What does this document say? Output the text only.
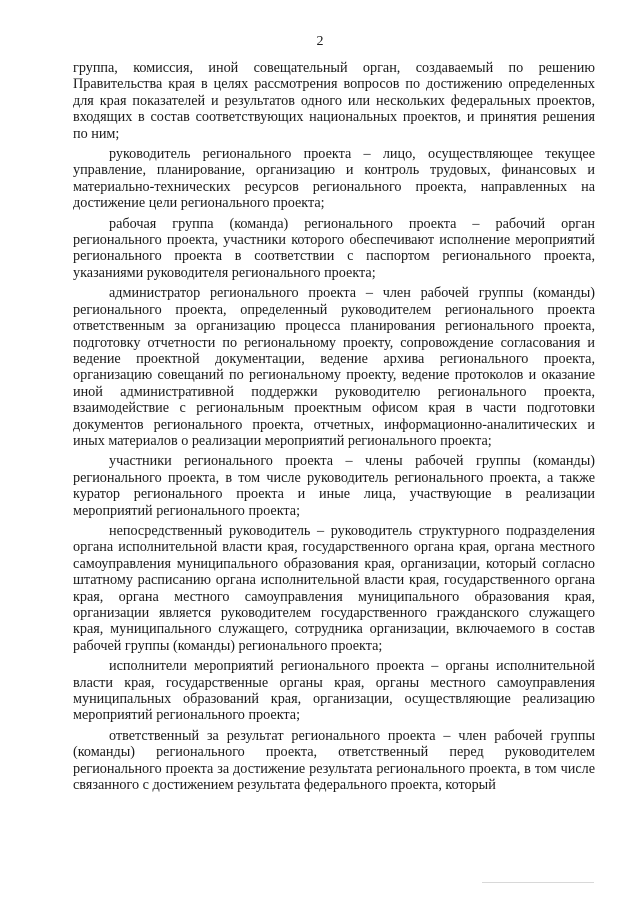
2

группа, комиссия, иной совещательный орган, создаваемый по решению Правительства края в целях рассмотрения вопросов по достижению определенных для края показателей и результатов одного или нескольких федеральных проектов, входящих в состав соответствующих национальных проектов, и принятия решения по ним;

руководитель регионального проекта – лицо, осуществляющее текущее управление, планирование, организацию и контроль трудовых, финансовых и материально-технических ресурсов регионального проекта, направленных на достижение цели регионального проекта;

рабочая группа (команда) регионального проекта – рабочий орган регионального проекта, участники которого обеспечивают исполнение мероприятий регионального проекта в соответствии с паспортом регионального проекта, указаниями руководителя регионального проекта;

администратор регионального проекта – член рабочей группы (команды) регионального проекта, определенный руководителем регионального проекта ответственным за организацию процесса планирования регионального проекта, подготовку отчетности по региональному проекту, сопровождение согласования и ведение проектной документации, ведение архива регионального проекта, организацию совещаний по региональному проекту, ведение протоколов и оказание иной административной поддержки руководителю регионального проекта, взаимодействие с региональным проектным офисом края в части подготовки документов регионального проекта, отчетных, информационно-аналитических и иных материалов о реализации мероприятий регионального проекта;

участники регионального проекта – члены рабочей группы (команды) регионального проекта, в том числе руководитель регионального проекта, а также куратор регионального проекта и иные лица, участвующие в реализации мероприятий регионального проекта;

непосредственный руководитель – руководитель структурного подразделения органа исполнительной власти края, государственного органа края, органа местного самоуправления муниципального образования края, организации, который согласно штатному расписанию органа исполнительной власти края, государственного органа края, органа местного самоуправления муниципального образования края, организации является руководителем государственного гражданского служащего края, муниципального служащего, сотрудника организации, включаемого в состав рабочей группы (команды) регионального проекта;

исполнители мероприятий регионального проекта – органы исполнительной власти края, государственные органы края, органы местного самоуправления муниципальных образований края, организации, осуществляющие реализацию мероприятий регионального проекта;

ответственный за результат регионального проекта – член рабочей группы (команды) регионального проекта, ответственный перед руководителем регионального проекта за достижение результата регионального проекта, в том числе связанного с достижением результата федерального проекта, который
